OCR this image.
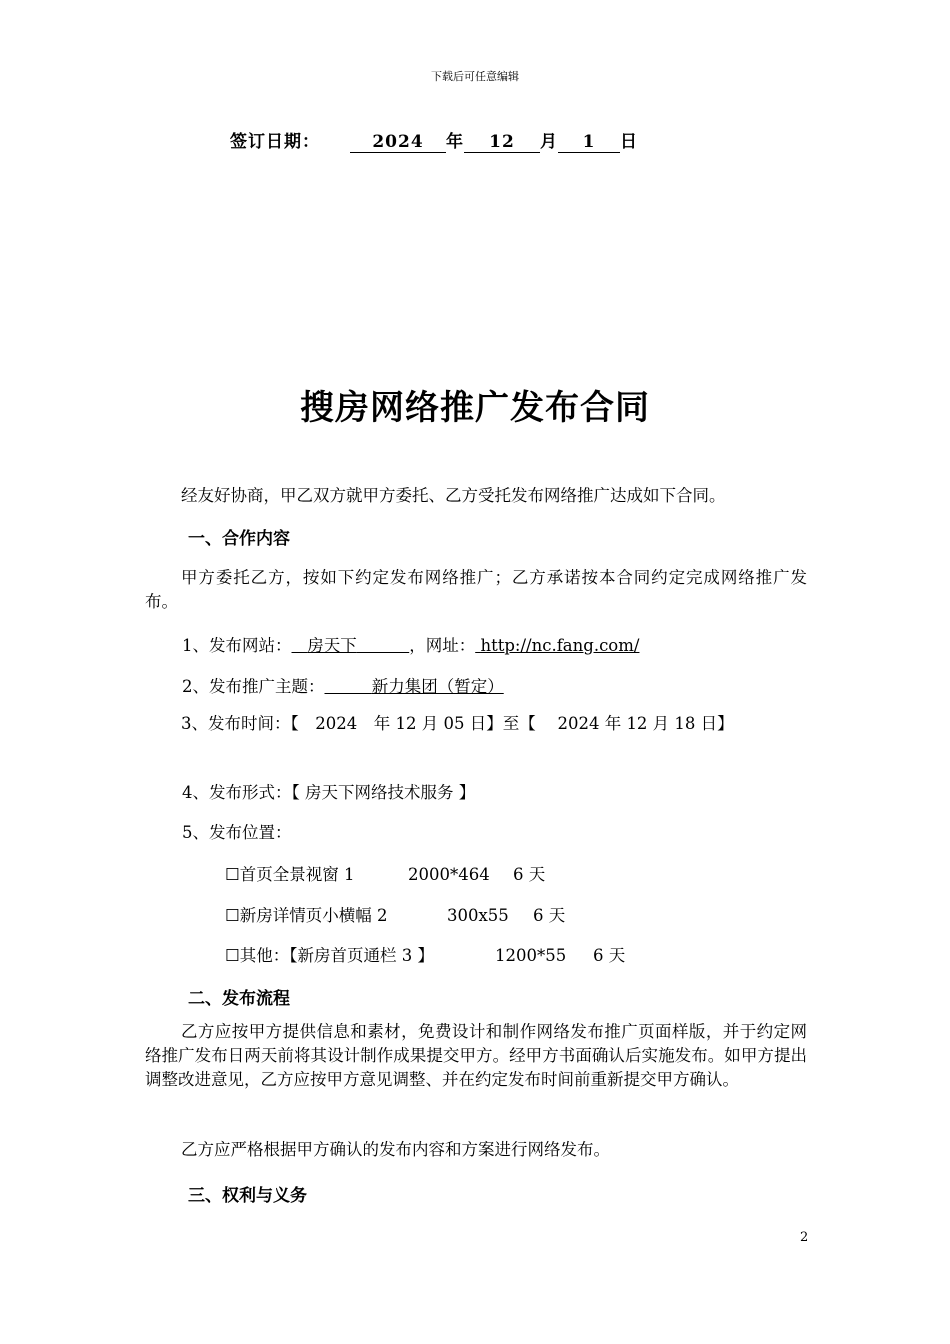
下载后可任意编辑
签订日期：	2024 年 12 月 1 日
搜房网络推广发布合同
经友好协商，甲乙双方就甲方委托、乙方受托发布网络推广达成如下合同。
一、合作内容
甲方委托乙方，按如下约定发布网络推广；乙方承诺按本合同约定完成网络推广发布。
1、发布网站： 房天下	，网址： http://nc.fang.com/
2、发布推广主题：	新力集团（暂定）
3、发布时间：【　2024　年 12 月 05 日】至【　 2024 年 12 月 18 日】
4、发布形式：【 房天下网络技术服务 】
5、发布位置：
☐首页全景视窗 1	2000*464 6 天
☐新房详情页小横幅 2	300x55 6 天
☐其他：【新房首页通栏 3 】	1200*55 6 天
二、发布流程
乙方应按甲方提供信息和素材，免费设计和制作网络发布推广页面样版，并于约定网络推广发布日两天前将其设计制作成果提交甲方。经甲方书面确认后实施发布。如甲方提出调整改进意见，乙方应按甲方意见调整、并在约定发布时间前重新提交甲方确认。
乙方应严格根据甲方确认的发布内容和方案进行网络发布。
三、权利与义务
2
